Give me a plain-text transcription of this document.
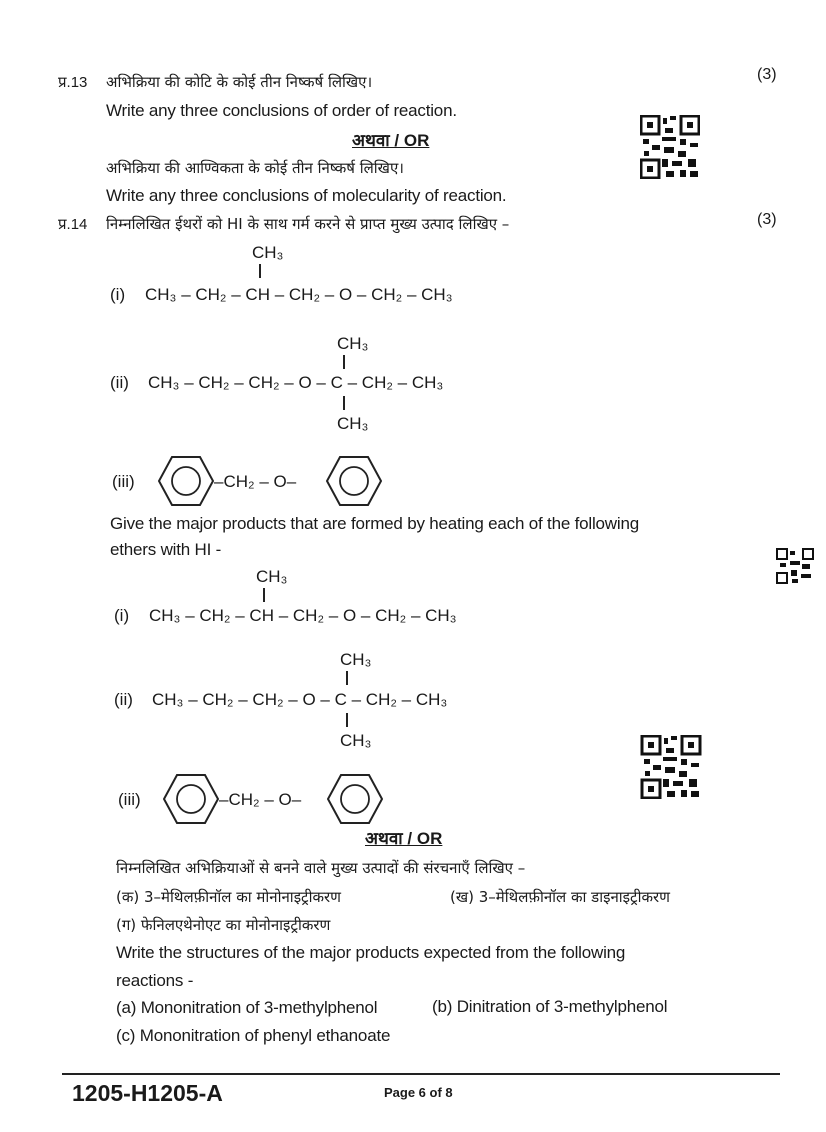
प्र.13 अभिक्रिया की कोटि के कोई तीन निष्कर्ष लिखिए।	(3)
Write any three conclusions of order of reaction.
अथवा / OR
अभिक्रिया की आण्विकता के कोई तीन निष्कर्ष लिखिए।
Write any three conclusions of molecularity of reaction.
प्र.14 निम्नलिखित ईथरों को HI के साथ गर्म करने से प्राप्त मुख्य उत्पाद लिखिए –	(3)
CH₃
(i) CH₃ – CH₂ – CH – CH₂ – O – CH₂ – CH₃
CH₃
(ii) CH₃ – CH₂ – CH₂ – O – C – CH₂ – CH₃
CH₃
(iii)	–CH₂ – O–
Give the major products that are formed by heating each of the following
ethers with HI -
CH₃
(i) CH₃ – CH₂ – CH – CH₂ – O – CH₂ – CH₃
CH₃
(ii) CH₃ – CH₂ – CH₂ – O – C – CH₂ – CH₃
CH₃
(iii)	–CH₂ – O–
अथवा / OR
निम्नलिखित अभिक्रियाओं से बनने वाले मुख्य उत्पादों की संरचनाएँ लिखिए –
(क) 3–मेथिलफ़ीनॉल का मोनोनाइट्रीकरण	(ख) 3–मेथिलफ़ीनॉल का डाइनाइट्रीकरण
(ग) फेनिलएथेनोएट का मोनोनाइट्रीकरण
Write the structures of the major products expected from the following
reactions -
(a) Mononitration of 3-methylphenol	(b) Dinitration of 3-methylphenol
(c) Mononitration of phenyl ethanoate
1205-H1205-A	Page 6 of 8
